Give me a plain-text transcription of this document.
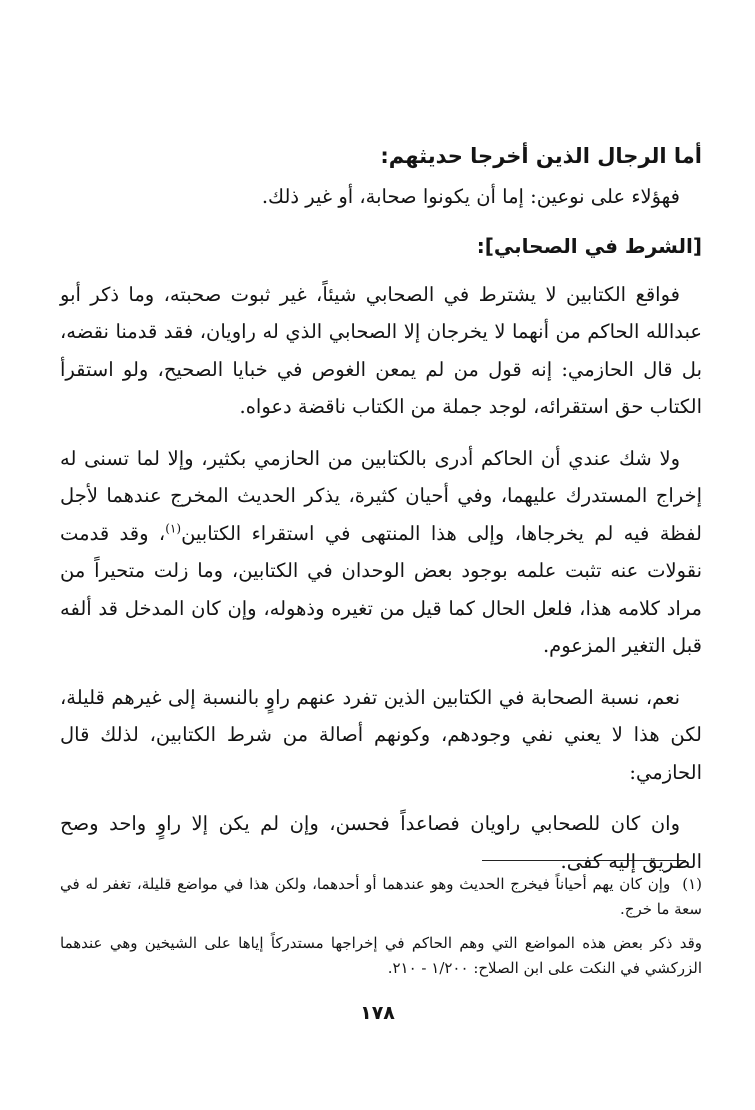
أما الرجال الذين أخرجا حديثهم:

فهؤلاء على نوعين: إما أن يكونوا صحابة، أو غير ذلك.

[الشرط في الصحابي]:

فواقع الكتابين لا يشترط في الصحابي شيئاً، غير ثبوت صحبته، وما ذكر أبو عبدالله الحاكم من أنهما لا يخرجان إلا الصحابي الذي له راويان، فقد قدمنا نقضه، بل قال الحازمي: إنه قول من لم يمعن الغوص في خبايا الصحيح، ولو استقرأ الكتاب حق استقرائه، لوجد جملة من الكتاب ناقضة دعواه.

ولا شك عندي أن الحاكم أدرى بالكتابين من الحازمي بكثير، وإلا لما تسنى له إخراج المستدرك عليهما، وفي أحيان كثيرة، يذكر الحديث المخرج عندهما لأجل لفظة فيه لم يخرجاها، وإلى هذا المنتهى في استقراء الكتابين$^{(١)}$، وقد قدمت نقولات عنه تثبت علمه بوجود بعض الوحدان في الكتابين، وما زلت متحيراً من مراد كلامه هذا، فلعل الحال كما قيل من تغيره وذهوله، وإن كان المدخل قد ألفه قبل التغير المزعوم.

نعم، نسبة الصحابة في الكتابين الذين تفرد عنهم راوٍ بالنسبة إلى غيرهم قليلة، لكن هذا لا يعني نفي وجودهم، وكونهم أصالة من شرط الكتابين، لذلك قال الحازمي:

وان كان للصحابي راويان فصاعداً فحسن، وإن لم يكن إلا راوٍ واحد وصح الطريق إليه كفى.

(١)وإن كان يهم أحياناً فيخرج الحديث وهو عندهما أو أحدهما، ولكن هذا في مواضع قليلة، تغفر له في سعة ما خرج.
وقد ذكر بعض هذه المواضع التي وهم الحاكم في إخراجها مستدركاً إياها على الشيخين وهي عندهما الزركشي في النكت على ابن الصلاح: ١/٢٠٠ - ٢١٠.
١٧٨
